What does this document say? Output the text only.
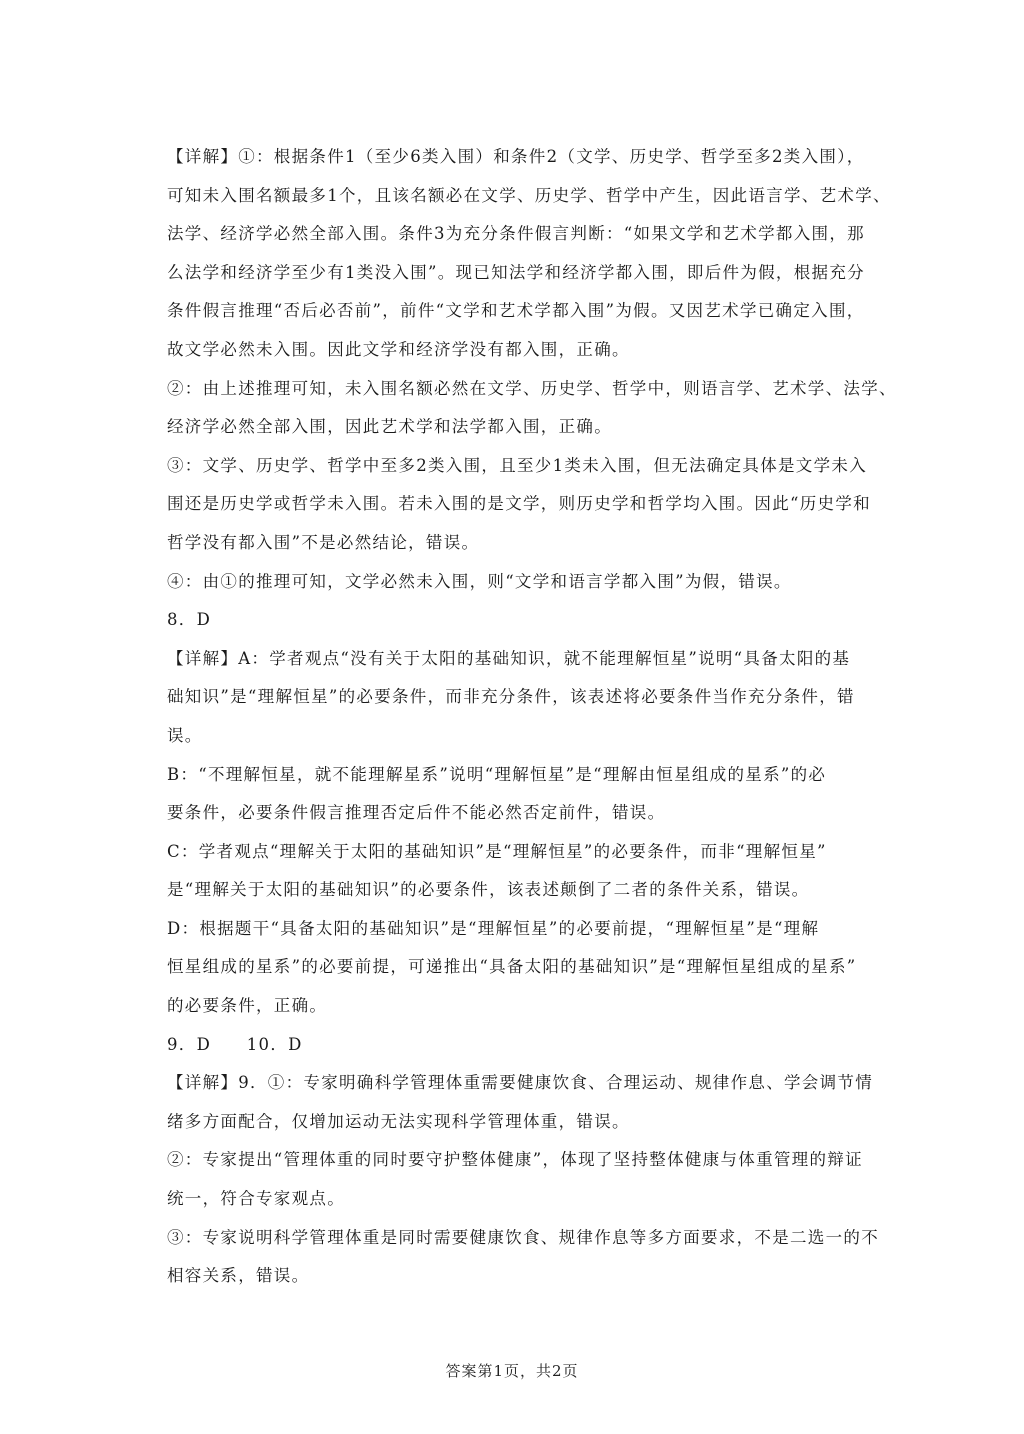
【详解】①：根据条件1（至少6类入围）和条件2（文学、历史学、哲学至多2类入围），
可知未入围名额最多1个，且该名额必在文学、历史学、哲学中产生，因此语言学、艺术学、
法学、经济学必然全部入围。条件3为充分条件假言判断：“如果文学和艺术学都入围，那
么法学和经济学至少有1类没入围”。现已知法学和经济学都入围，即后件为假，根据充分
条件假言推理“否后必否前”，前件“文学和艺术学都入围”为假。又因艺术学已确定入围，
故文学必然未入围。因此文学和经济学没有都入围，正确。
②：由上述推理可知，未入围名额必然在文学、历史学、哲学中，则语言学、艺术学、法学、
经济学必然全部入围，因此艺术学和法学都入围，正确。
③：文学、历史学、哲学中至多2类入围，且至少1类未入围，但无法确定具体是文学未入
围还是历史学或哲学未入围。若未入围的是文学，则历史学和哲学均入围。因此“历史学和
哲学没有都入围”不是必然结论，错误。
④：由①的推理可知，文学必然未入围，则“文学和语言学都入围”为假，错误。
8．D
【详解】A：学者观点“没有关于太阳的基础知识，就不能理解恒星”说明“具备太阳的基
础知识”是“理解恒星”的必要条件，而非充分条件，该表述将必要条件当作充分条件，错
误。
B：“不理解恒星，就不能理解星系”说明“理解恒星”是“理解由恒星组成的星系”的必
要条件，必要条件假言推理否定后件不能必然否定前件，错误。
C：学者观点“理解关于太阳的基础知识”是“理解恒星”的必要条件，而非“理解恒星”
是“理解关于太阳的基础知识”的必要条件，该表述颠倒了二者的条件关系，错误。
D：根据题干“具备太阳的基础知识”是“理解恒星”的必要前提，“理解恒星”是“理解
恒星组成的星系”的必要前提，可递推出“具备太阳的基础知识”是“理解恒星组成的星系”
的必要条件，正确。
9．D　　10．D
【详解】9．①：专家明确科学管理体重需要健康饮食、合理运动、规律作息、学会调节情
绪多方面配合，仅增加运动无法实现科学管理体重，错误。
②：专家提出“管理体重的同时要守护整体健康”，体现了坚持整体健康与体重管理的辩证
统一，符合专家观点。
③：专家说明科学管理体重是同时需要健康饮食、规律作息等多方面要求，不是二选一的不
相容关系，错误。
答案第1页，共2页
